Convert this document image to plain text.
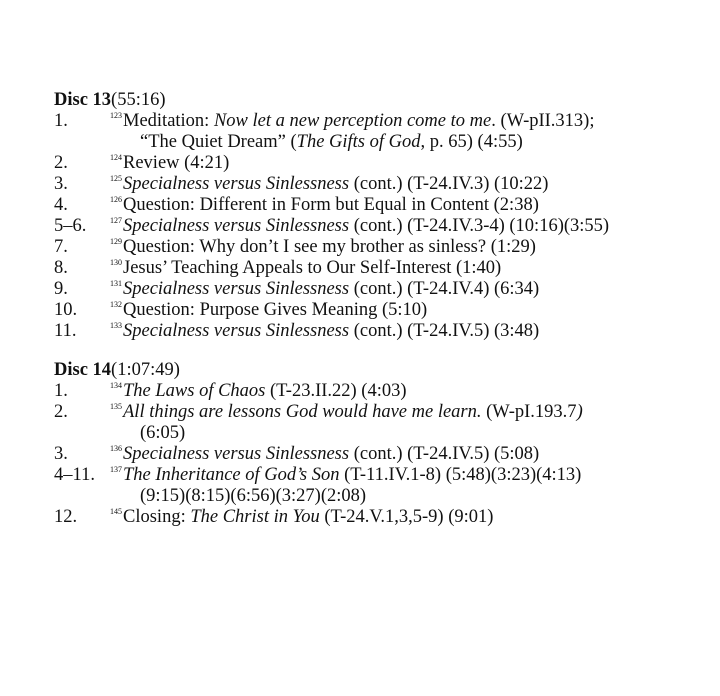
Disc 13(55:16)
1.	$^{123}$Meditation: Now let a new perception come to me. (W-pII.313);
“The Quiet Dream” (The Gifts of God, p. 65) (4:55)
2.	$^{124}$Review (4:21)
3.	$^{125}$Specialness versus Sinlessness (cont.) (T-24.IV.3) (10:22)
4.	$^{126}$Question: Different in Form but Equal in Content (2:38)
5–6.	$^{127}$Specialness versus Sinlessness (cont.) (T-24.IV.3-4) (10:16)(3:55)
7.	$^{129}$Question: Why don’t I see my brother as sinless? (1:29)
8.	$^{130}$Jesus’ Teaching Appeals to Our Self-Interest (1:40)
9.	$^{131}$Specialness versus Sinlessness (cont.) (T-24.IV.4) (6:34)
10.	$^{132}$Question: Purpose Gives Meaning (5:10)
11.	$^{133}$Specialness versus Sinlessness (cont.) (T-24.IV.5) (3:48)
Disc 14(1:07:49)
1.	$^{134}$The Laws of Chaos (T-23.II.22) (4:03)
2.	$^{135}$All things are lessons God would have me learn. (W-pI.193.7)
(6:05)
3.	$^{136}$Specialness versus Sinlessness (cont.) (T-24.IV.5) (5:08)
4–11.	$^{137}$The Inheritance of God’s Son (T-11.IV.1-8) (5:48)(3:23)(4:13)
(9:15)(8:15)(6:56)(3:27)(2:08)
12.	$^{145}$Closing: The Christ in You (T-24.V.1,3,5-9) (9:01)
